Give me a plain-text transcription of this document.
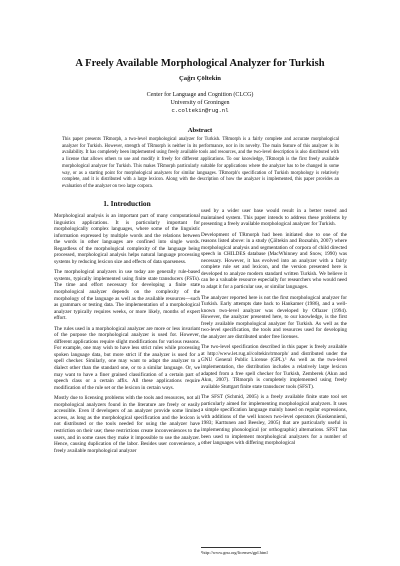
A Freely Available Morphological Analyzer for Turkish
Çağrı Çöltekin
Center for Language and Cognition (CLCG)
University of Groningen
c.coltekin@rug.nl
Abstract
This paper presents TRmorph, a two-level morphological analyzer for Turkish. TRmorph is a fairly complete and accurate morphological analyzer for Turkish. However, strength of TRmorph is neither in its performance, nor in its novelty. The main feature of this analyzer is its availability. It has completely been implemented using freely available tools and resources, and the two-level description is also distributed with a license that allows others to use and modify it freely for different applications. To our knowledge, TRmorph is the first freely available morphological analyzer for Turkish. This makes TRmorph particularly suitable for applications where the analyzer has to be changed in some way, or as a starting point for morphological analyzers for similar languages. TRmorph's specification of Turkish morphology is relatively complete, and it is distributed with a large lexicon. Along with the description of how the analyzer is implemented, this paper provides an evaluation of the analyzer on two large corpora.
1. Introduction

Morphological analysis is an important part of many computational linguistics applications. It is particularly important for morphologically complex languages, where some of the linguistic information expressed by multiple words and the relations between the words in other languages are confined into single words. Regardless of the morphological complexity of the language being processed, morphological analysis helps natural language processing systems by reducing lexicon size and effects of data sparseness.

The morphological analyzers in use today are generally rule-based systems, typically implemented using finite state transducers (FSTs). The time and effort necessary for developing a finite state morphological analyzer depends on the complexity of the morphology of the language as well as the available resources—such as grammars or testing data. The implementation of a morphological analyzer typically requires weeks, or more likely, months of expert effort.

The rules used in a morphological analyzer are more or less invariant of the purpose the morphological analyzer is used for. However, different applications require slight modifications for various reasons. For example, one may wish to have less strict rules while processing spoken language data, but more strict if the analyzer is used for a spell checker. Similarly, one may want to adapt the analyzer to a dialect other than the standard one, or to a similar language. Or, we may want to have a finer grained classification of a certain part of speech class or a certain affix. All these applications require modification of the rule set or the lexicon in certain ways.

Mostly due to licensing problems with the tools and resources, not all morphological analyzers found in the literature are freely or easily accessible. Even if developers of an analyzer provide some limited access, as long as the morphological specification and the lexicon is not distributed or the tools needed for using the analyzer have restriction on their use; these restrictions create inconveniences to the users, and in some cases they make it impossible to use the analyzer. Hence, causing duplication of the labor. Besides user convenience, a freely available morphological analyzer

used by a wider user base would result in a better tested and maintained system. This paper intends to address these problems by presenting a freely available morphological analyzer for Turkish.

Development of TRmorph had been initiated due to one of the reasons listed above: in a study (Çöltekin and Bozsahin, 2007) where morphological analysis and segmentation of corpora of child directed speech in CHILDES database (MacWhinney and Snow, 1990) was necessary. However, it has evolved into an analyzer with a fairly complete rule set and lexicon, and the version presented here is developed to analyze modern standard written Turkish. We believe it can be a valuable resource especially for researchers who would need to adapt it for a particular use, or similar languages.

The analyzer reported here is not the first morphological analyzer for Turkish. Early attempts date back to Hankamer (1986), and a well-known two-level analyzer was developed by Oflazer (1994). However, the analyzer presented here, to our knowledge, is the first freely available morphological analyzer for Turkish. As well as the two-level specification, the tools and resources used for developing the analyzer are distributed under free licenses.

The two-level specification described in this paper is freely available at http://www.let.rug.nl/coltekin/trmorph/ and distributed under the GNU General Public License (GPL).¹ As well as the two-level implementation, the distribution includes a relatively large lexicon adapted from a free spell checker for Turkish, Zemberek (Akın and Akın, 2007). TRmorph is completely implemented using freely available Stuttgart finite state transducer tools (SFST).

The SFST (Schmid, 2005) is a freely available finite state tool set particularly aimed for implementing morphological analyzers. It uses a simple specification language mainly based on regular expressions, with additions of the well known two-level operators (Koskenniemi, 1983; Karttunen and Beesley, 2005) that are particularly useful in implementing phonological (or orthographic) alternations. SFST has been used to implement morphological analyzers for a number of other languages with differing morphological

¹http://www.gnu.org/licenses/gpl.html
